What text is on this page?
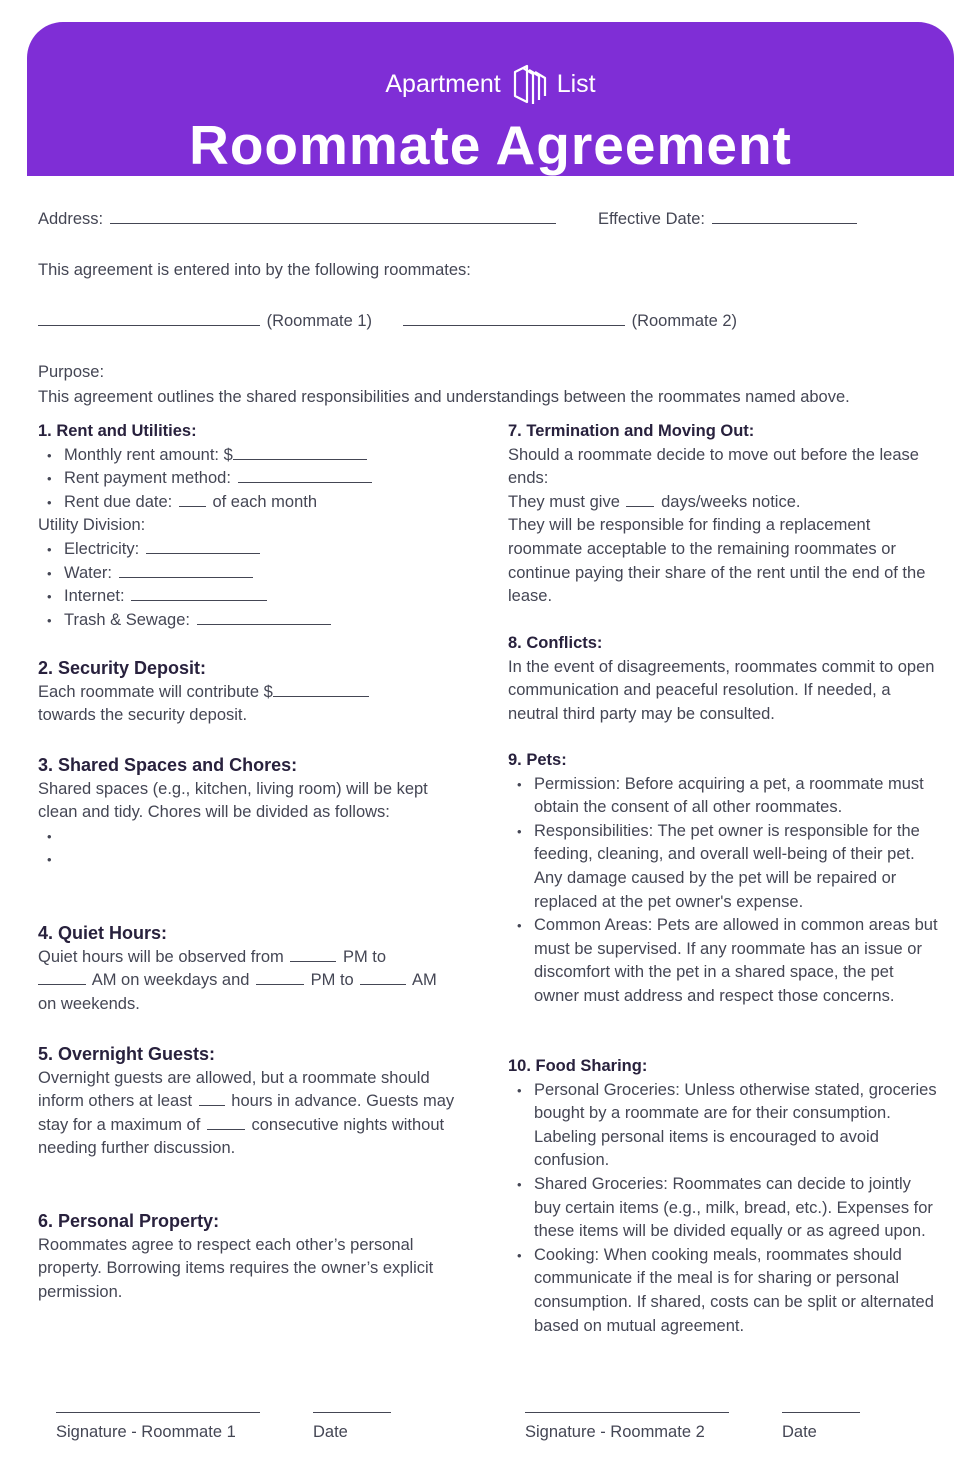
Apartment List
Roommate Agreement
Address:	Effective Date:
This agreement is entered into by the following roommates:
(Roommate 1)	(Roommate 2)
Purpose:
This agreement outlines the shared responsibilities and understandings between the roommates named above.
1. Rent and Utilities:
• Monthly rent amount: $
• Rent payment method:
• Rent due date: of each month
Utility Division:
• Electricity:
• Water:
• Internet:
• Trash & Sewage:
2. Security Deposit:
Each roommate will contribute $
towards the security deposit.
3. Shared Spaces and Chores:
Shared spaces (e.g., kitchen, living room) will be kept clean and tidy. Chores will be divided as follows:
•
•
4. Quiet Hours:
Quiet hours will be observed from	PM to
AM on weekdays and	PM to	AM
on weekends.
5. Overnight Guests:
Overnight guests are allowed, but a roommate should inform others at least hours in advance. Guests may stay for a maximum of	consecutive nights without needing further discussion.
6. Personal Property:
Roommates agree to respect each other’s personal property. Borrowing items requires the owner’s explicit permission.
7. Termination and Moving Out:
Should a roommate decide to move out before the lease ends:
They must give days/weeks notice.
They will be responsible for finding a replacement roommate acceptable to the remaining roommates or continue paying their share of the rent until the end of the lease.
8. Conflicts:
In the event of disagreements, roommates commit to open communication and peaceful resolution. If needed, a neutral third party may be consulted.
9. Pets:
• Permission: Before acquiring a pet, a roommate must obtain the consent of all other roommates.
• Responsibilities: The pet owner is responsible for the feeding, cleaning, and overall well-being of their pet. Any damage caused by the pet will be repaired or replaced at the pet owner's expense.
• Common Areas: Pets are allowed in common areas but must be supervised. If any roommate has an issue or discomfort with the pet in a shared space, the pet owner must address and respect those concerns.
10. Food Sharing:
• Personal Groceries: Unless otherwise stated, groceries bought by a roommate are for their consumption. Labeling personal items is encouraged to avoid confusion.
• Shared Groceries: Roommates can decide to jointly buy certain items (e.g., milk, bread, etc.). Expenses for these items will be divided equally or as agreed upon.
• Cooking: When cooking meals, roommates should communicate if the meal is for sharing or personal consumption. If shared, costs can be split or alternated based on mutual agreement.
Signature - Roommate 1	Date	Signature - Roommate 2	Date
